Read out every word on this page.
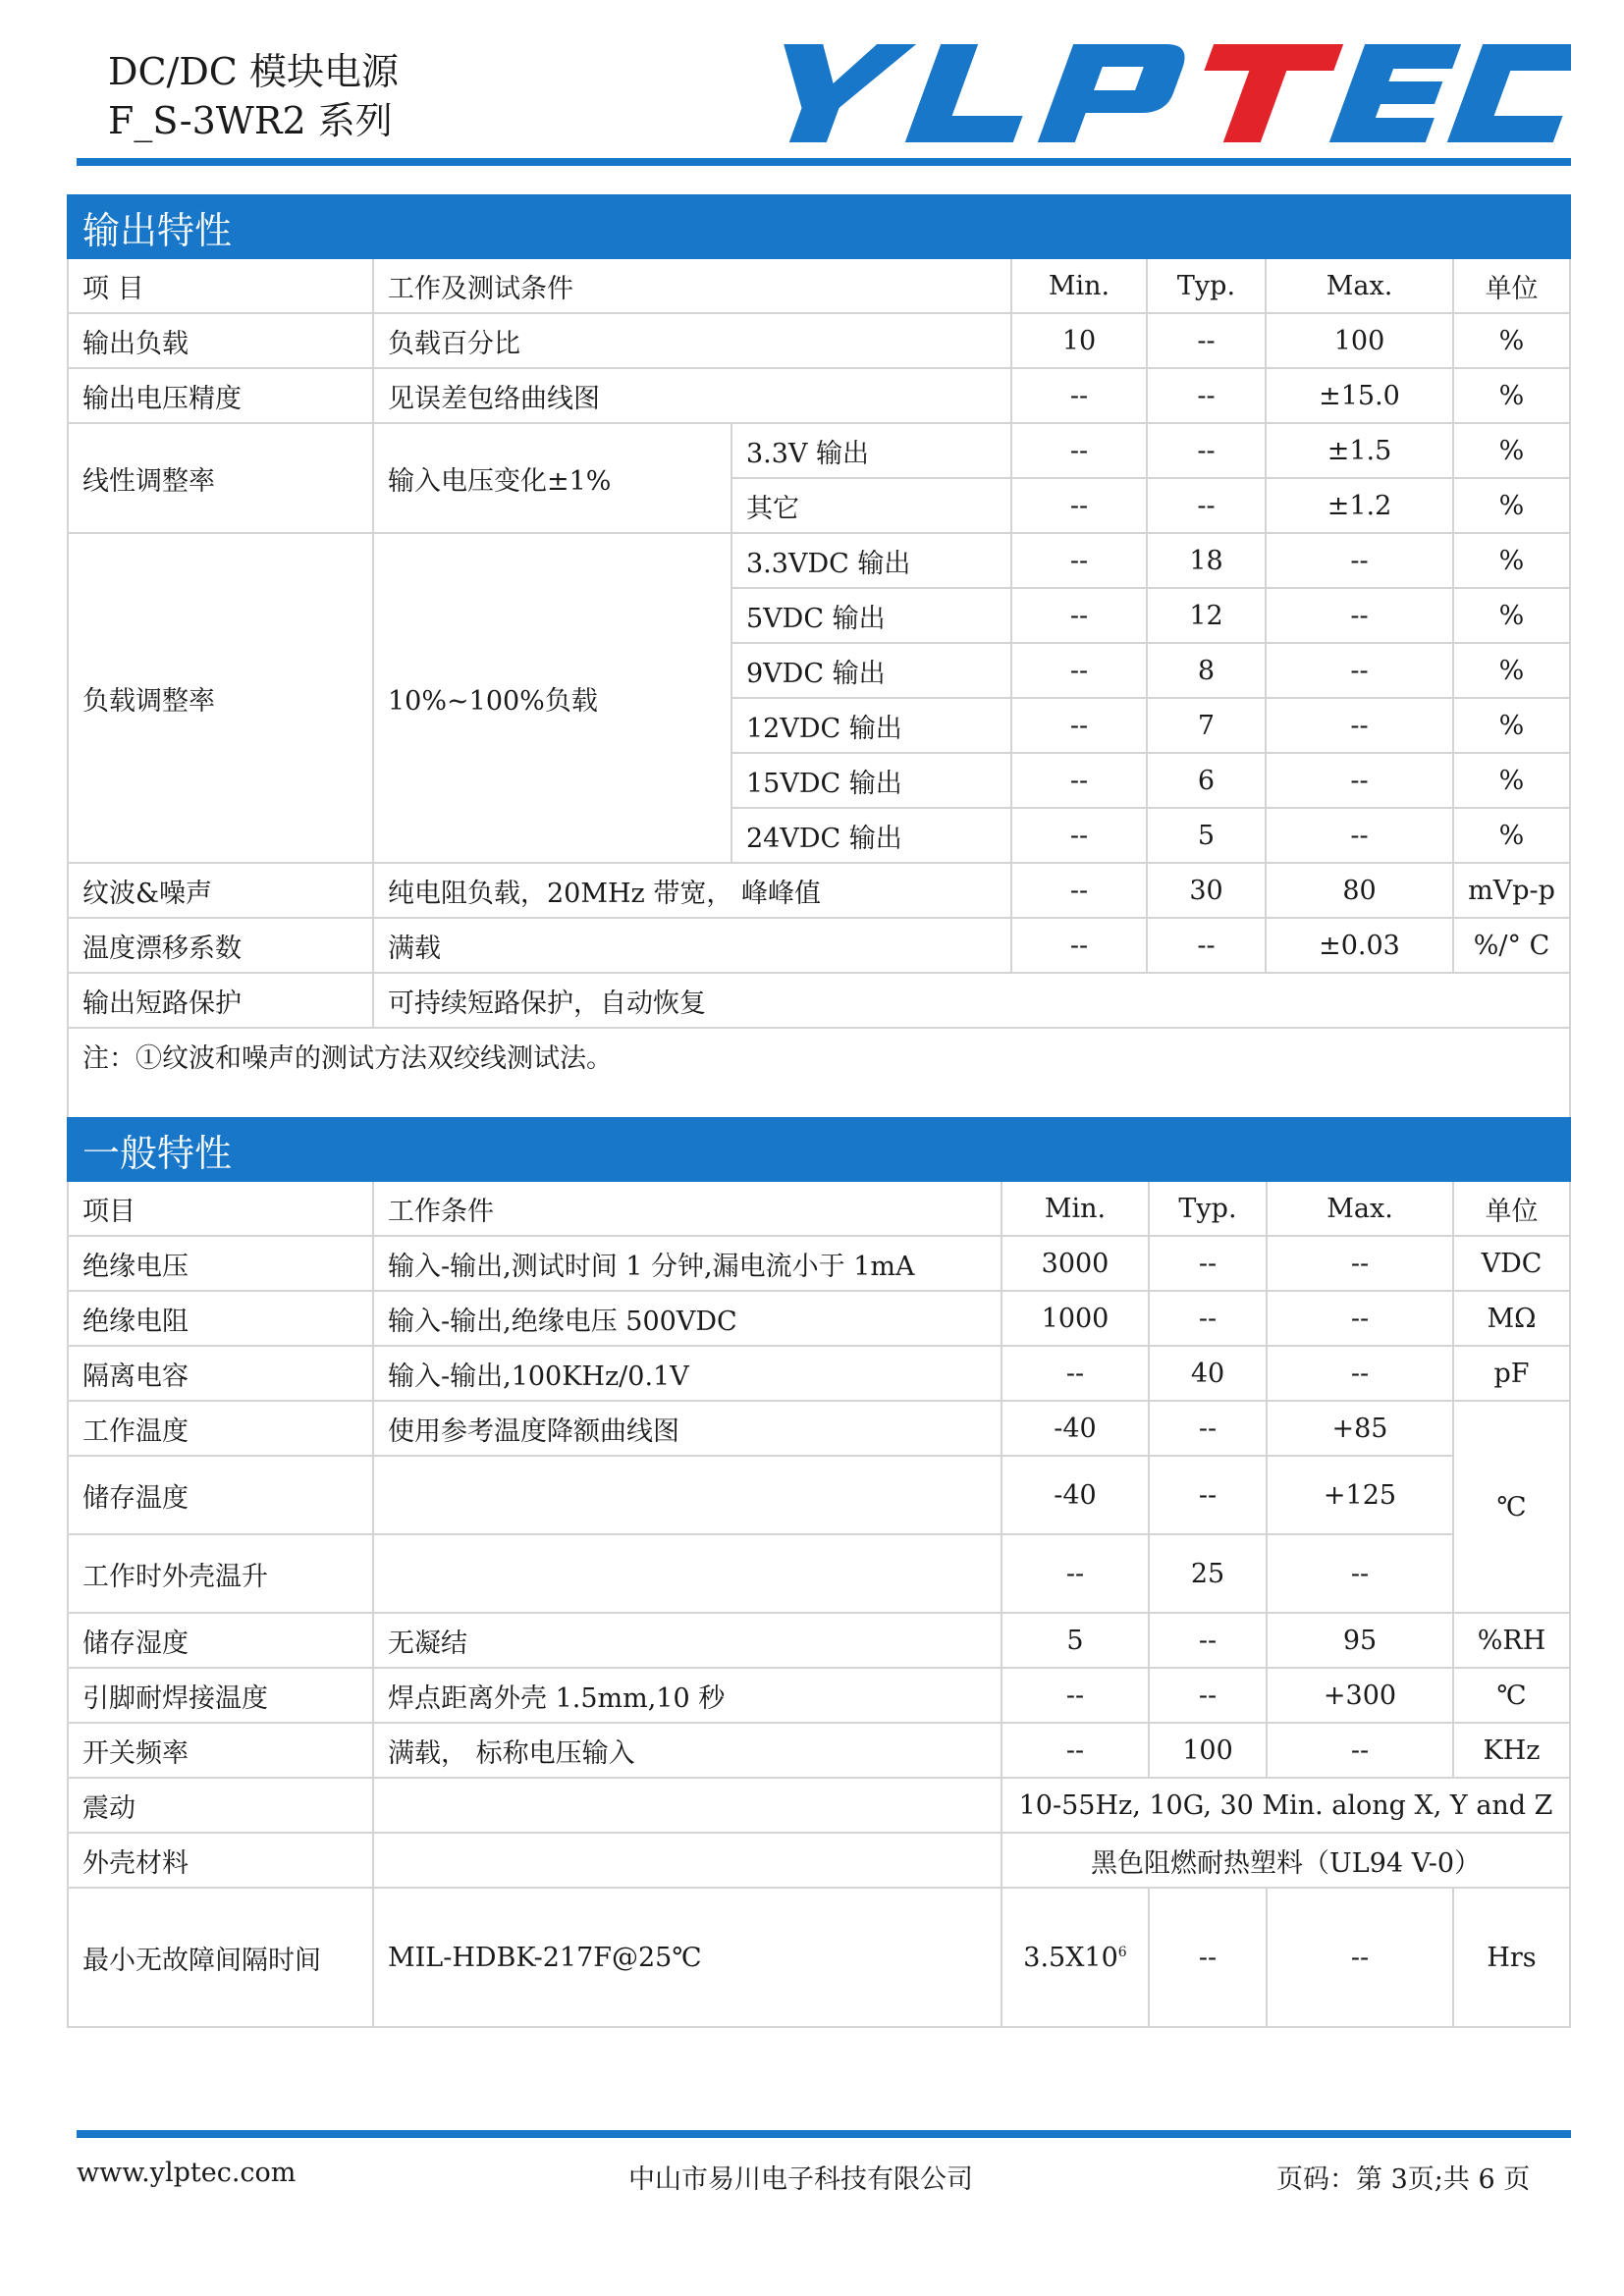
DC/DC 模块电源
F_S-3WR2 系列
输出特性						
项 目	工作及测试条件		Min.	Typ.	Max.	单位
输出负载	负载百分比		10	--	100	%
输出电压精度	见误差包络曲线图		--	--	±15.0	%
线性调整率	输入电压变化±1%	3.3V 输出	--	--	±1.5	%
		其它	--	--	±1.2	%
负载调整率	10%~100%负载	3.3VDC 输出	--	18	--	%
		5VDC 输出	--	12	--	%
		9VDC 输出	--	8	--	%
		12VDC 输出	--	7	--	%
		15VDC 输出	--	6	--	%
		24VDC 输出	--	5	--	%
纹波&噪声	纯电阻负载，20MHz 带宽， 峰峰值		--	30	80	mVp-p
温度漂移系数	满载		--	--	±0.03	%/° C
输出短路保护	可持续短路保护，自动恢复					
注：①纹波和噪声的测试方法双绞线测试法。						
一般特性					
项目	工作条件	Min.	Typ.	Max.	单位
绝缘电压	输入-输出,测试时间 1 分钟,漏电流小于 1mA	3000	--	--	VDC
绝缘电阻	输入-输出,绝缘电压 500VDC	1000	--	--	MΩ
隔离电容	输入-输出,100KHz/0.1V	--	40	--	pF
工作温度	使用参考温度降额曲线图	-40	--	+85	℃
储存温度		-40	--	+125	
工作时外壳温升		--	25	--	
储存湿度	无凝结	5	--	95	%RH
引脚耐焊接温度	焊点距离外壳 1.5mm,10 秒	--	--	+300	℃
开关频率	满载， 标称电压输入	--	100	--	KHz
震动		10-55Hz, 10G, 30 Min. along X, Y and Z			
外壳材料		黑色阻燃耐热塑料（UL94 V-0）			
最小无故障间隔时间	MIL-HDBK-217F@25℃	$3.5X10^6$	--	--	Hrs
www.ylptec.com	中山市易川电子科技有限公司	页码：第 3页;共 6 页
